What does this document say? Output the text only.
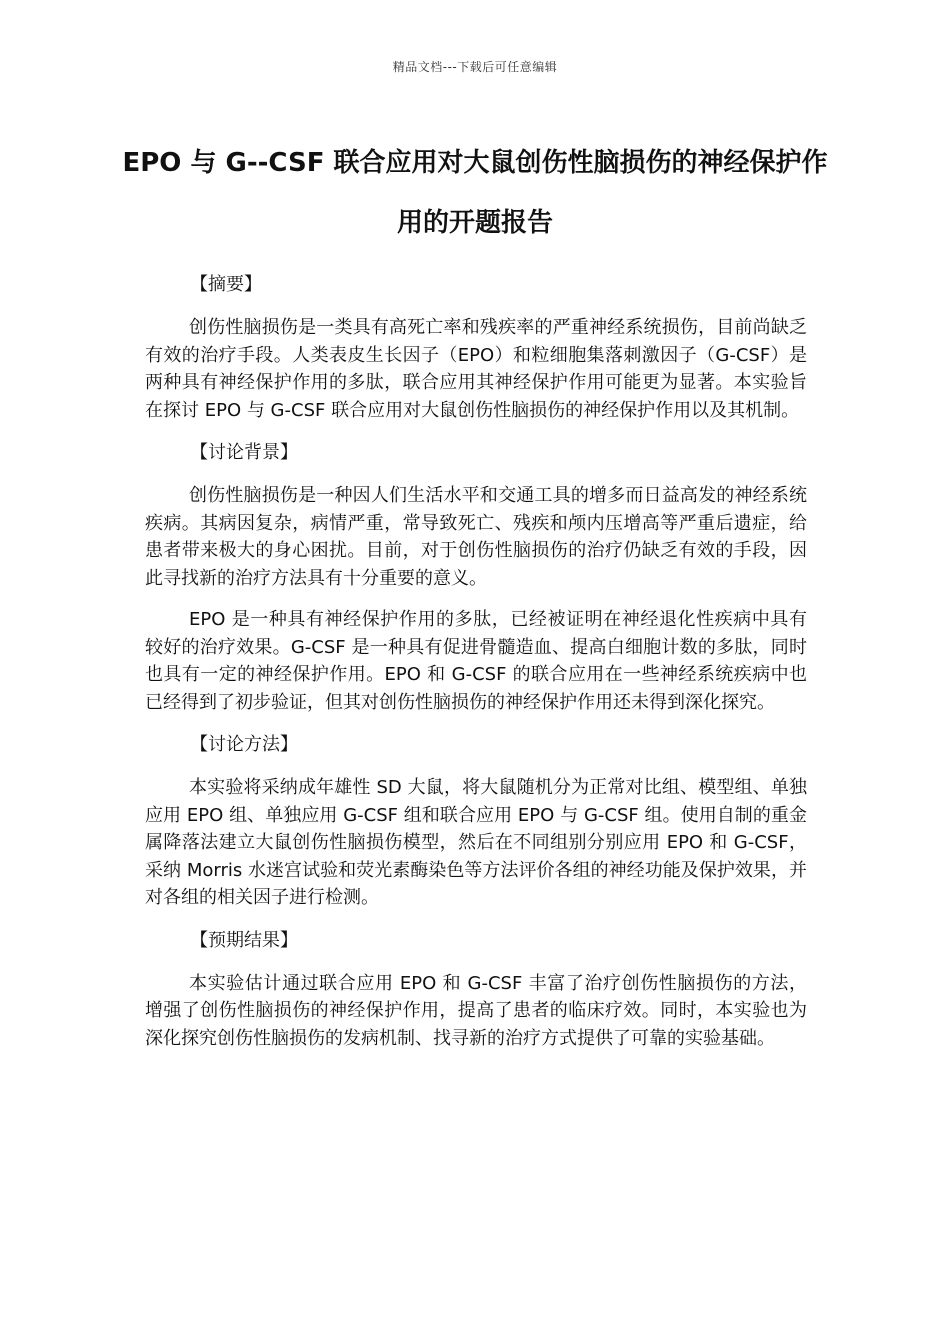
精品文档---下载后可任意编辑
EPO 与 G--CSF 联合应用对大鼠创伤性脑损伤的神经保护作用的开题报告
【摘要】

创伤性脑损伤是一类具有高死亡率和残疾率的严重神经系统损伤，目前尚缺乏有效的治疗手段。人类表皮生长因子（EPO）和粒细胞集落刺激因子（G-CSF）是两种具有神经保护作用的多肽，联合应用其神经保护作用可能更为显著。本实验旨在探讨 EPO 与 G-CSF 联合应用对大鼠创伤性脑损伤的神经保护作用以及其机制。

【讨论背景】

创伤性脑损伤是一种因人们生活水平和交通工具的增多而日益高发的神经系统疾病。其病因复杂，病情严重，常导致死亡、残疾和颅内压增高等严重后遗症，给患者带来极大的身心困扰。目前，对于创伤性脑损伤的治疗仍缺乏有效的手段，因此寻找新的治疗方法具有十分重要的意义。

EPO 是一种具有神经保护作用的多肽，已经被证明在神经退化性疾病中具有较好的治疗效果。G-CSF 是一种具有促进骨髓造血、提高白细胞计数的多肽，同时也具有一定的神经保护作用。EPO 和 G-CSF 的联合应用在一些神经系统疾病中也已经得到了初步验证，但其对创伤性脑损伤的神经保护作用还未得到深化探究。

【讨论方法】

本实验将采纳成年雄性 SD 大鼠，将大鼠随机分为正常对比组、模型组、单独应用 EPO 组、单独应用 G-CSF 组和联合应用 EPO 与 G-CSF 组。使用自制的重金属降落法建立大鼠创伤性脑损伤模型，然后在不同组别分别应用 EPO 和 G-CSF，采纳 Morris 水迷宫试验和荧光素酶染色等方法评价各组的神经功能及保护效果，并对各组的相关因子进行检测。

【预期结果】

本实验估计通过联合应用 EPO 和 G-CSF 丰富了治疗创伤性脑损伤的方法，增强了创伤性脑损伤的神经保护作用，提高了患者的临床疗效。同时，本实验也为深化探究创伤性脑损伤的发病机制、找寻新的治疗方式提供了可靠的实验基础。
